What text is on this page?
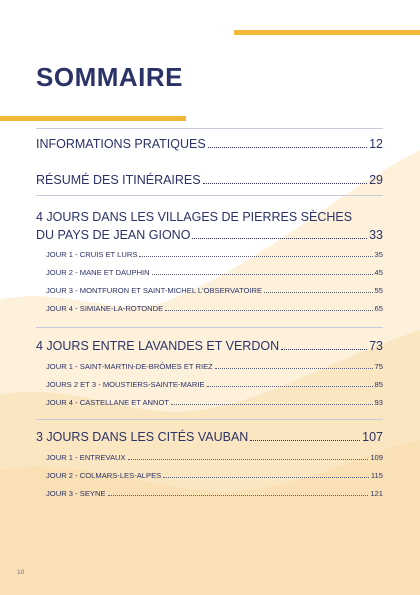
SOMMAIRE
INFORMATIONS PRATIQUES	12
RÉSUMÉ DES ITINÉRAIRES	29
4 JOURS DANS LES VILLAGES DE PIERRES SÈCHES
DU PAYS DE JEAN GIONO	33
JOUR 1 - CRUIS ET LURS	35
JOUR 2 - MANE ET DAUPHIN	45
JOUR 3 - MONTFURON ET SAINT-MICHEL L'OBSERVATOIRE	55
JOUR 4 - SIMIANE-LA-ROTONDE	65
4 JOURS ENTRE LAVANDES ET VERDON	73
JOUR 1 - SAINT-MARTIN-DE-BRÔMES ET RIEZ	75
JOURS 2 ET 3 - MOUSTIERS-SAINTE-MARIE	85
JOUR 4 - CASTELLANE ET ANNOT	93
3 JOURS DANS LES CITÉS VAUBAN	107
JOUR 1 - ENTREVAUX	109
JOUR 2 - COLMARS-LES-ALPES	115
JOUR 3 - SEYNE	121
10
